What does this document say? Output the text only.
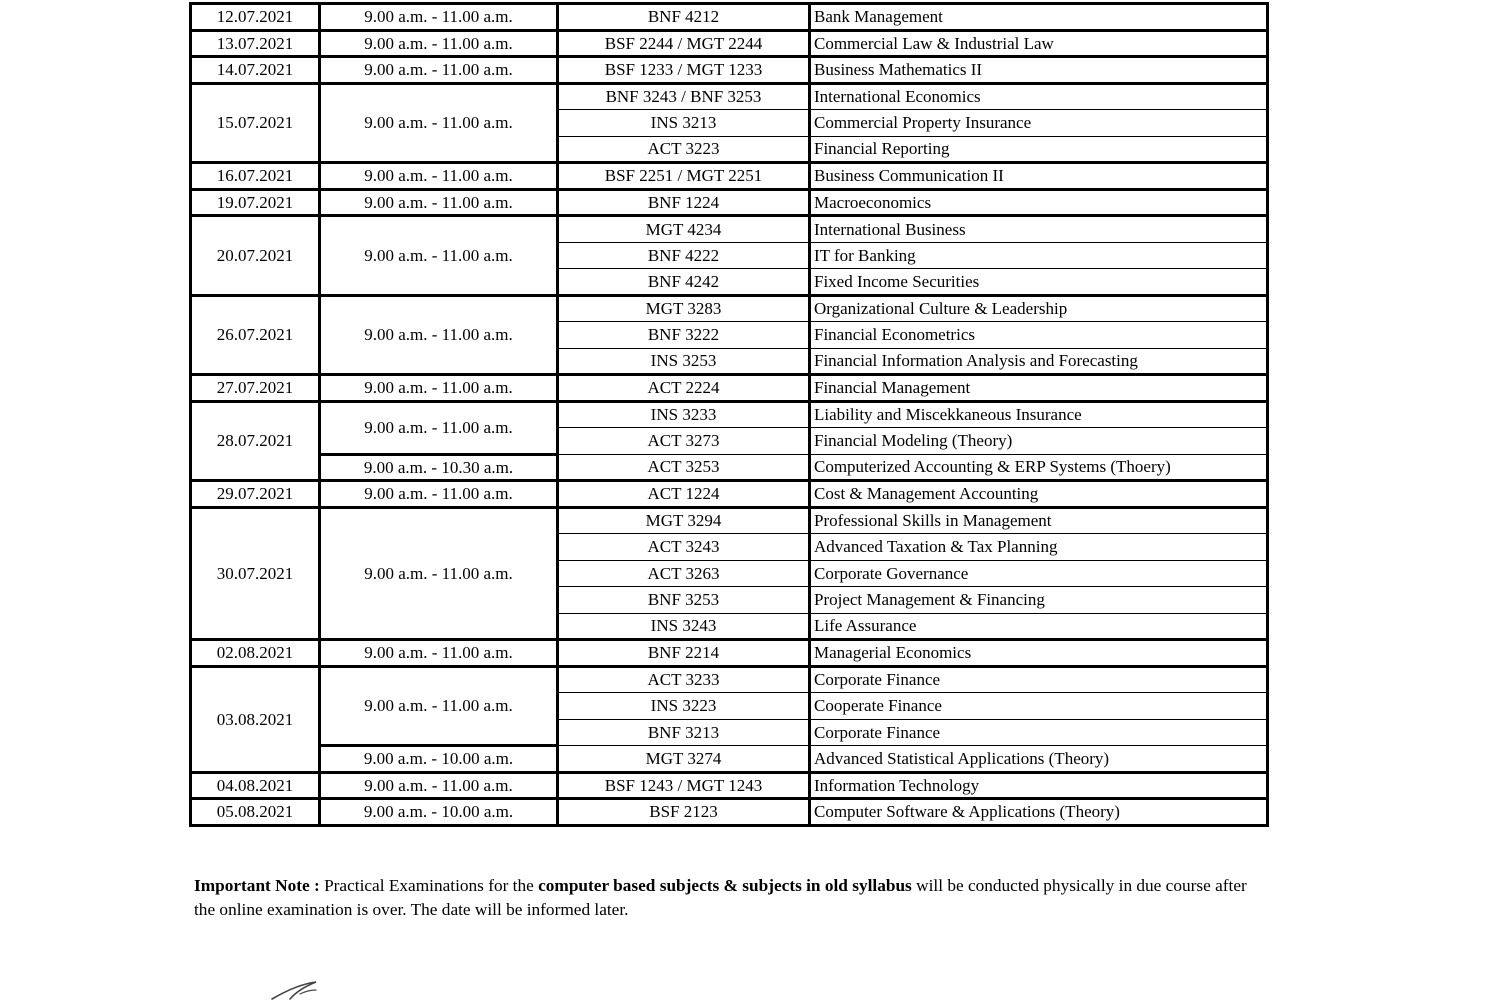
12.07.2021	9.00 a.m. - 11.00 a.m.	BNF 4212	Bank Management
13.07.2021	9.00 a.m. - 11.00 a.m.	BSF 2244 / MGT 2244	Commercial Law & Industrial Law
14.07.2021	9.00 a.m. - 11.00 a.m.	BSF 1233 / MGT 1233	Business Mathematics II
15.07.2021	9.00 a.m. - 11.00 a.m.	BNF 3243 / BNF 3253	International Economics
		INS 3213	Commercial Property Insurance
		ACT 3223	Financial Reporting
16.07.2021	9.00 a.m. - 11.00 a.m.	BSF 2251 / MGT 2251	Business Communication II
19.07.2021	9.00 a.m. - 11.00 a.m.	BNF 1224	Macroeconomics
20.07.2021	9.00 a.m. - 11.00 a.m.	MGT 4234	International Business
		BNF 4222	IT for Banking
		BNF 4242	Fixed Income Securities
26.07.2021	9.00 a.m. - 11.00 a.m.	MGT 3283	Organizational Culture & Leadership
		BNF 3222	Financial Econometrics
		INS 3253	Financial Information Analysis and Forecasting
27.07.2021	9.00 a.m. - 11.00 a.m.	ACT 2224	Financial Management
28.07.2021	9.00 a.m. - 11.00 a.m.	INS 3233	Liability and Miscekkaneous Insurance
		ACT 3273	Financial Modeling (Theory)
	9.00 a.m. - 10.30 a.m.	ACT 3253	Computerized Accounting & ERP Systems (Thoery)
29.07.2021	9.00 a.m. - 11.00 a.m.	ACT 1224	Cost & Management Accounting
30.07.2021	9.00 a.m. - 11.00 a.m.	MGT 3294	Professional Skills in Management
		ACT 3243	Advanced Taxation & Tax Planning
		ACT 3263	Corporate Governance
		BNF 3253	Project Management & Financing
		INS 3243	Life Assurance
02.08.2021	9.00 a.m. - 11.00 a.m.	BNF 2214	Managerial Economics
03.08.2021	9.00 a.m. - 11.00 a.m.	ACT 3233	Corporate Finance
		INS 3223	Cooperate Finance
		BNF 3213	Corporate Finance
	9.00 a.m. - 10.00 a.m.	MGT 3274	Advanced Statistical Applications (Theory)
04.08.2021	9.00 a.m. - 11.00 a.m.	BSF 1243 / MGT 1243	Information Technology
05.08.2021	9.00 a.m. - 10.00 a.m.	BSF 2123	Computer Software & Applications (Theory)
Important Note : Practical Examinations for the computer based subjects & subjects in old syllabus will be conducted physically in due course after the online examination is over. The date will be informed later.
